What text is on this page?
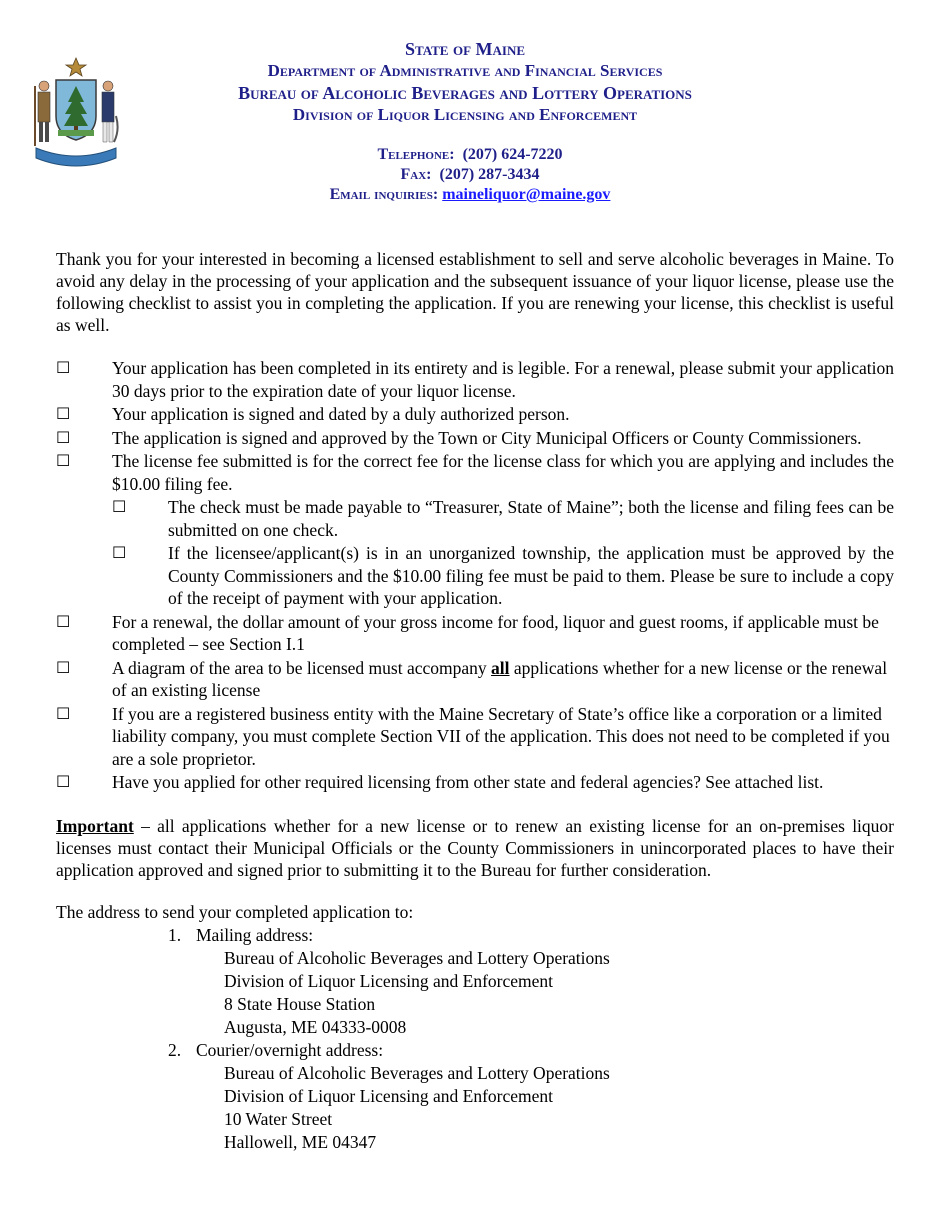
State of Maine
Department of Administrative and Financial Services
Bureau of Alcoholic Beverages and Lottery Operations
Division of Liquor Licensing and Enforcement
Telephone: (207) 624-7220
Fax: (207) 287-3434
Email inquiries: maineliquor@maine.gov
Thank you for your interested in becoming a licensed establishment to sell and serve alcoholic beverages in Maine. To avoid any delay in the processing of your application and the subsequent issuance of your liquor license, please use the following checklist to assist you in completing the application. If you are renewing your license, this checklist is useful as well.
☐ Your application has been completed in its entirety and is legible. For a renewal, please submit your application 30 days prior to the expiration date of your liquor license.
☐ Your application is signed and dated by a duly authorized person.
☐ The application is signed and approved by the Town or City Municipal Officers or County Commissioners.
☐ The license fee submitted is for the correct fee for the license class for which you are applying and includes the $10.00 filing fee.
☐ The check must be made payable to “Treasurer, State of Maine”; both the license and filing fees can be submitted on one check.
☐ If the licensee/applicant(s) is in an unorganized township, the application must be approved by the County Commissioners and the $10.00 filing fee must be paid to them. Please be sure to include a copy of the receipt of payment with your application.
☐ For a renewal, the dollar amount of your gross income for food, liquor and guest rooms, if applicable must be completed – see Section I.1
☐ A diagram of the area to be licensed must accompany all applications whether for a new license or the renewal of an existing license
☐ If you are a registered business entity with the Maine Secretary of State’s office like a corporation or a limited liability company, you must complete Section VII of the application. This does not need to be completed if you are a sole proprietor.
☐ Have you applied for other required licensing from other state and federal agencies? See attached list.
Important – all applications whether for a new license or to renew an existing license for an on-premises liquor licenses must contact their Municipal Officials or the County Commissioners in unincorporated places to have their application approved and signed prior to submitting it to the Bureau for further consideration.
The address to send your completed application to:
1. Mailing address:
Bureau of Alcoholic Beverages and Lottery Operations
Division of Liquor Licensing and Enforcement
8 State House Station
Augusta, ME 04333-0008
2. Courier/overnight address:
Bureau of Alcoholic Beverages and Lottery Operations
Division of Liquor Licensing and Enforcement
10 Water Street
Hallowell, ME 04347
